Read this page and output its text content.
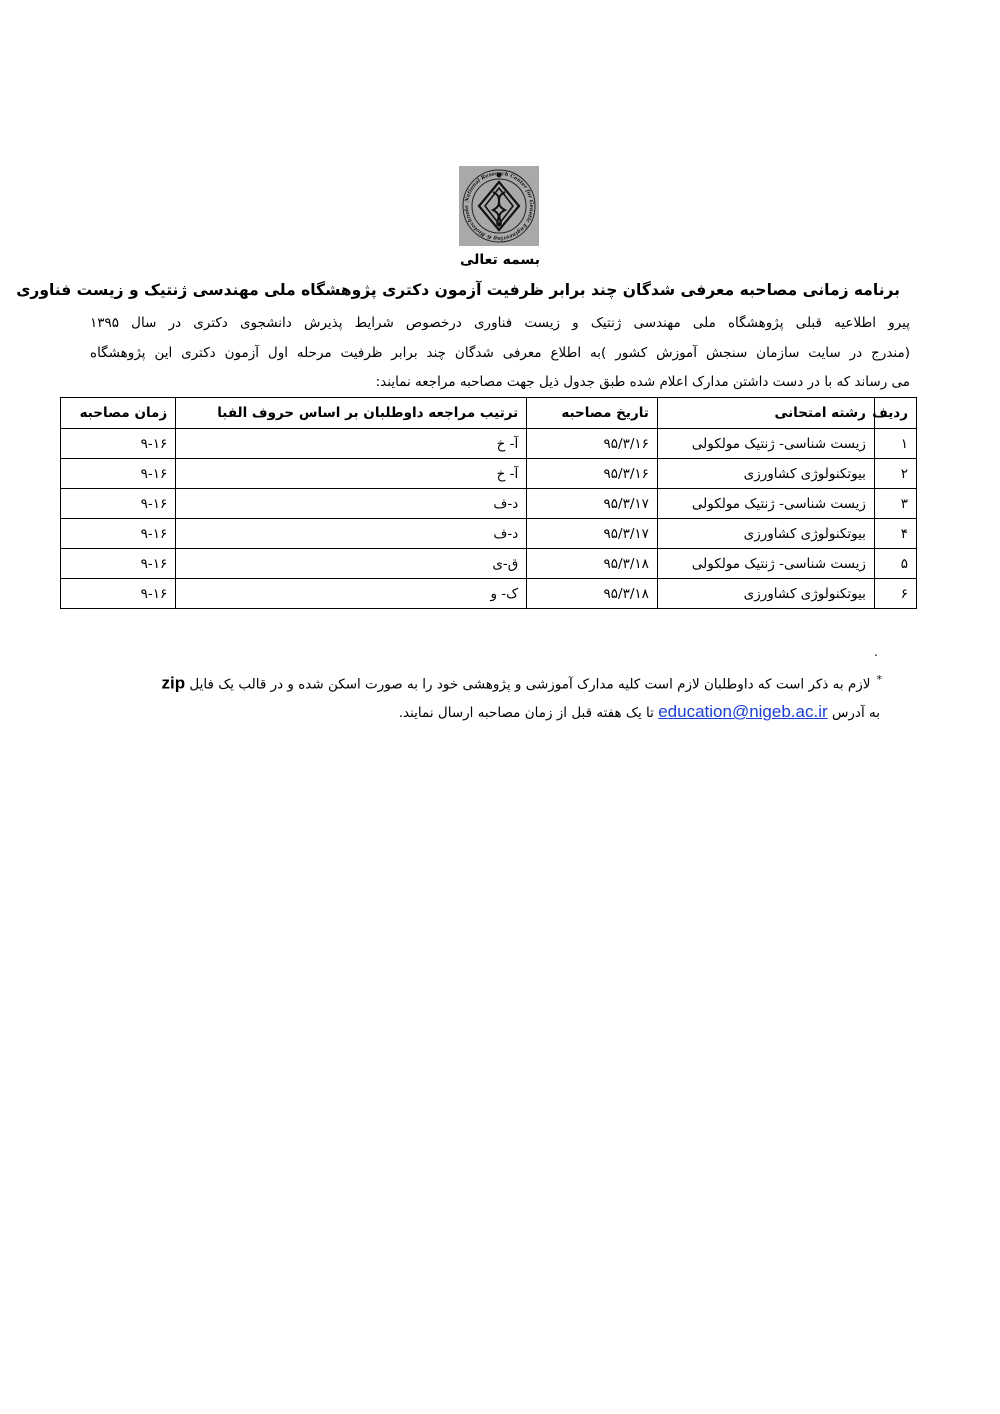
National Research Center for Genetic Engineering & Biotechnolo
بسمه تعالی
برنامه زمانی مصاحبه معرفی شدگان چند برابر ظرفیت آزمون دکتری پژوهشگاه ملی مهندسی ژنتیک و زیست فناوری
پیرو اطلاعیه قبلی پژوهشگاه ملی مهندسی ژنتیک و زیست فناوری درخصوص شرایط پذیرش دانشجوی دکتری در سال ۱۳۹۵
(مندرج در سایت سازمان سنجش آموزش کشور )به اطلاع معرفی شدگان چند برابر ظرفیت مرحله اول آزمون دکتری این پژوهشگاه
می رساند که با در دست داشتن مدارک اعلام شده طبق جدول ذیل جهت مصاحبه مراجعه نمایند:
ردیف	رشته امتحانی	تاریخ مصاحبه	ترتیب مراجعه داوطلبان بر اساس حروف الفبا	زمان مصاحبه
۱	زیست شناسی- ژنتیک مولکولی	۹۵/۳/۱۶	آ- خ	۹-۱۶
۲	بیوتکنولوژی کشاورزی	۹۵/۳/۱۶	آ- خ	۹-۱۶
۳	زیست شناسی- ژنتیک مولکولی	۹۵/۳/۱۷	د-ف	۹-۱۶
۴	بیوتکنولوژی کشاورزی	۹۵/۳/۱۷	د-ف	۹-۱۶
۵	زیست شناسی- ژنتیک مولکولی	۹۵/۳/۱۸	ق-ی	۹-۱۶
۶	بیوتکنولوژی کشاورزی	۹۵/۳/۱۸	ک- و	۹-۱۶
.
*لازم به ذکر است که داوطلبان لازم است کلیه مدارک آموزشی و پژوهشی خود را به صورت اسکن شده و در قالب یک فایل zip
به آدرس education@nigeb.ac.ir تا یک هفته قبل از زمان مصاحبه ارسال نمایند.
